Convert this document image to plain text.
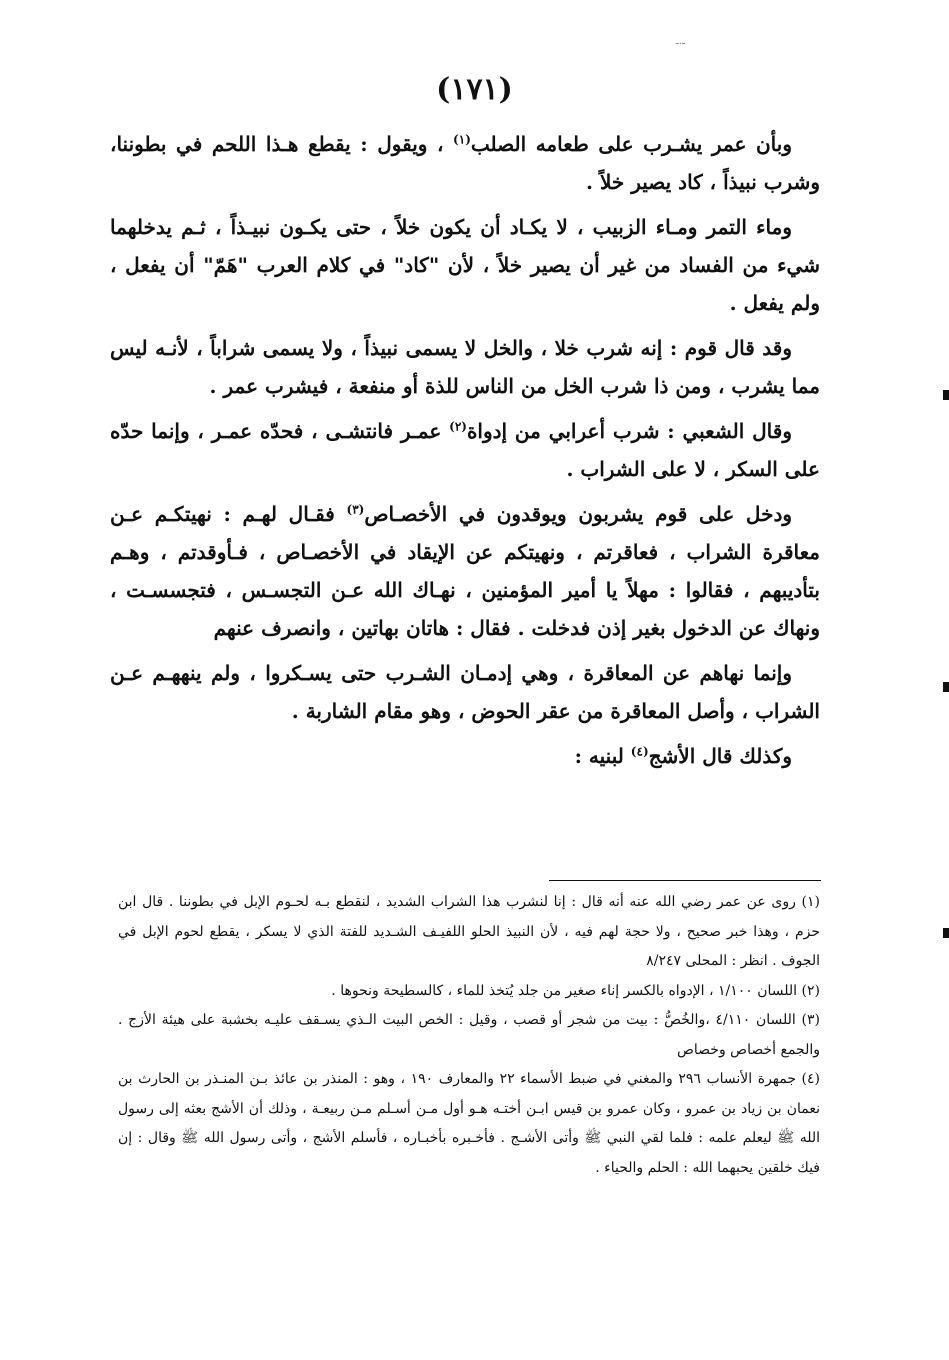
ـ.ـ
(١٧١)

وبأن عمر يشـرب على طعامه الصلب$^{(١)}$ ، ويقول : يقطع هـذا اللحم في بطوننا، وشرب نبيذاً ، كاد يصير خلاً .

وماء التمر ومـاء الزبيب ، لا يكـاد أن يكون خلاً ، حتى يكـون نبيـذاً ، ثـم يدخلهما شيء من الفساد من غير أن يصير خلاً ، لأن "كاد" في كلام العرب "هَمّ" أن يفعل ، ولم يفعل .

وقد قال قوم : إنه شرب خلا ، والخل لا يسمى نبيذاً ، ولا يسمى شراباً ، لأنـه ليس مما يشرب ، ومن ذا شرب الخل من الناس للذة أو منفعة ، فيشرب عمر .

وقال الشعبي : شرب أعرابي من إدواة$^{(٢)}$ عمـر فانتشـى ، فحدّه عمـر ، وإنما حدّه على السكر ، لا على الشراب .

ودخل على قوم يشربون ويوقدون في الأخصـاص$^{(٣)}$ فقـال لهـم : نهيتكـم عـن معاقرة الشراب ، فعاقرتم ، ونهيتكم عن الإيقاد في الأخصـاص ، فـأوقدتم ، وهـم بتأديبهم ، فقالوا : مهلاً يا أمير المؤمنين ، نهـاك الله عـن التجسـس ، فتجسسـت ، ونهاك عن الدخول بغير إذن فدخلت . فقال : هاتان بهاتين ، وانصرف عنهم

وإنما نهاهم عن المعاقرة ، وهي إدمـان الشـرب حتى يسـكروا ، ولم ينههـم عـن الشراب ، وأصل المعاقرة من عقر الحوض ، وهو مقام الشاربة .

وكذلك قال الأشج$^{(٤)}$ لبنيه :

(١) روى عن عمر رضي الله عنه أنه قال : إنا لنشرب هذا الشراب الشديد ، لنقطع بـه لحـوم الإبل في بطوننا . قال ابن حزم ، وهذا خبر صحيح ، ولا حجة لهم فيه ، لأن النبيذ الحلو اللفيـف الشـديد للفتة الذي لا يسكر ، يقطع لحوم الإبل في الجوف . انظر : المحلى ٨/٢٤٧

(٢) اللسان ١/١٠٠ ، الإدواه بالكسر إناء صغير من جلد يُتخذ للماء ، كالسطيحة ونحوها .

(٣) اللسان ٤/١١٠ ،والخُصُّ : بيت من شجر أو قصب ، وقيل : الخص البيت الـذي يسـقف عليـه بخشبة على هيئة الأزج . والجمع أخصاص وخصاص

(٤) جمهرة الأنساب ٢٩٦ والمغني في ضبط الأسماء ٢٢ والمعارف ١٩٠ ، وهو : المنذر بن عائذ بـن المنـذر بن الحارث بن نعمان بن زياد بن عمرو ، وكان عمرو بن قيس ابـن أختـه هـو أول مـن أسـلم مـن ربيعـة ، وذلك أن الأشج بعثه إلى رسول الله ﷺ ليعلم علمه : فلما لقي النبي ﷺ وأتى الأشـج . فأخـبره بأخبـاره ، فأسلم الأشج ، وأتى رسول الله ﷺ وقال : إن فيك خلقين يحبهما الله : الحلم والحياء .
